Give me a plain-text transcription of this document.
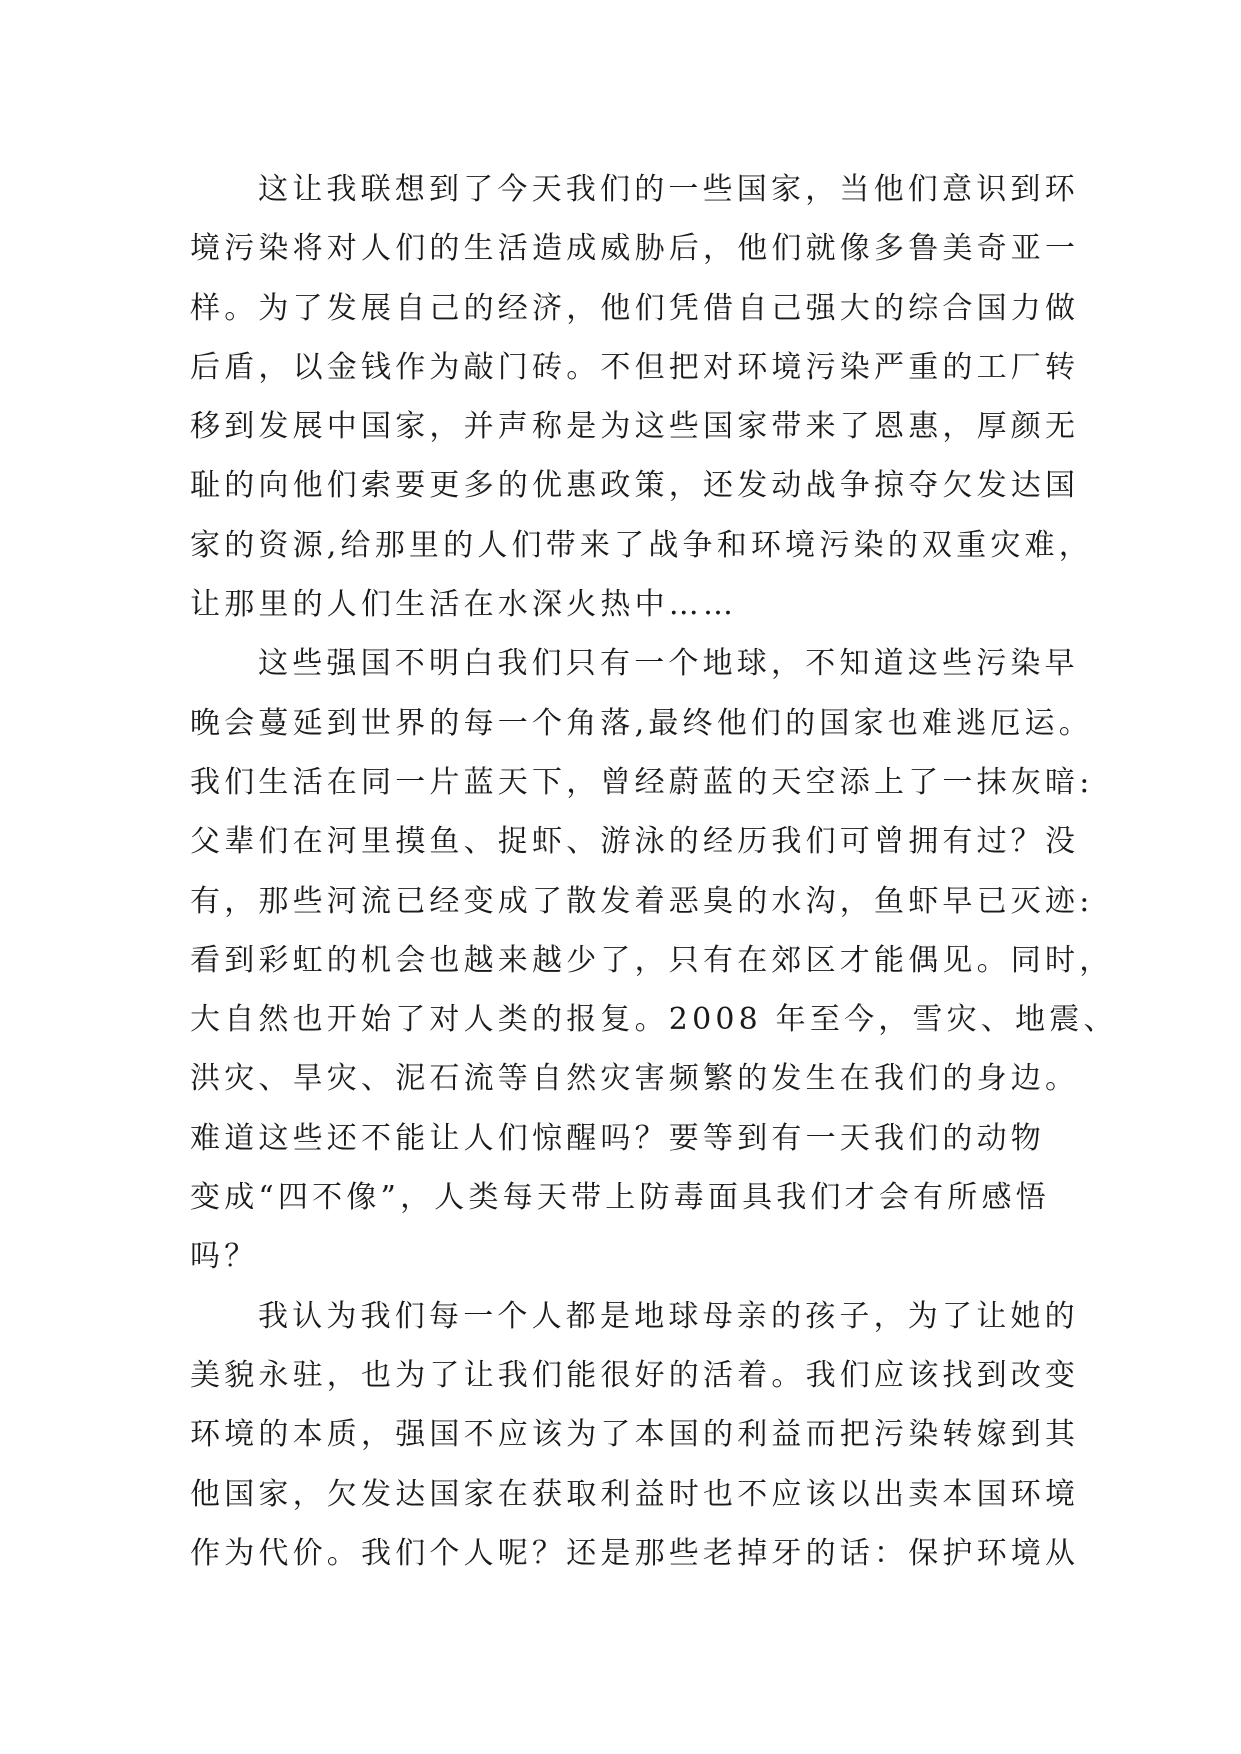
这让我联想到了今天我们的一些国家，当他们意识到环
境污染将对人们的生活造成威胁后，他们就像多鲁美奇亚一
样。为了发展自己的经济，他们凭借自己强大的综合国力做
后盾，以金钱作为敲门砖。不但把对环境污染严重的工厂转
移到发展中国家，并声称是为这些国家带来了恩惠，厚颜无
耻的向他们索要更多的优惠政策，还发动战争掠夺欠发达国
家的资源,给那里的人们带来了战争和环境污染的双重灾难，
让那里的人们生活在水深火热中……
这些强国不明白我们只有一个地球，不知道这些污染早
晚会蔓延到世界的每一个角落,最终他们的国家也难逃厄运。
我们生活在同一片蓝天下，曾经蔚蓝的天空添上了一抹灰暗:
父辈们在河里摸鱼、捉虾、游泳的经历我们可曾拥有过？没
有，那些河流已经变成了散发着恶臭的水沟，鱼虾早已灭迹:
看到彩虹的机会也越来越少了，只有在郊区才能偶见。同时，
大自然也开始了对人类的报复。2008 年至今，雪灾、地震、
洪灾、旱灾、泥石流等自然灾害频繁的发生在我们的身边。
难道这些还不能让人们惊醒吗？要等到有一天我们的动物
变成“四不像”，人类每天带上防毒面具我们才会有所感悟
吗？
我认为我们每一个人都是地球母亲的孩子，为了让她的
美貌永驻，也为了让我们能很好的活着。我们应该找到改变
环境的本质，强国不应该为了本国的利益而把污染转嫁到其
他国家，欠发达国家在获取利益时也不应该以出卖本国环境
作为代价。我们个人呢？还是那些老掉牙的话：保护环境从
